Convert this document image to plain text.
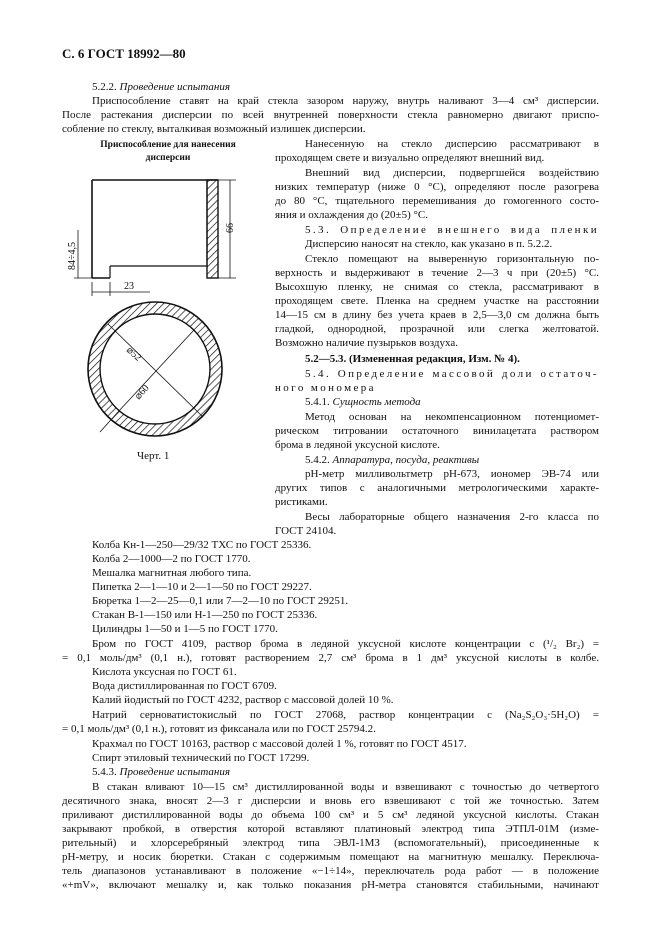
С. 6 ГОСТ 18992—80
Приспособление для нанесения
дисперсии
66
84÷4,5
23
⌀52
⌀60
Черт. 1
5.2.2. Проведение испытания
Приспособление ставят на край стекла зазором наружу, внутрь наливают 3—4 см³ дисперсии.
После растекания дисперсии по всей внутренней поверхности стекла равномерно двигают приспо-
собление по стеклу, выталкивая возможный излишек дисперсии.
Нанесенную на стекло дисперсию рассматривают в
проходящем свете и визуально определяют внешний вид.
Внешний вид дисперсии, подвергшейся воздействию
низких температур (ниже 0 °С), определяют после разогрева
до 80 °С, тщательного перемешивания до гомогенного состо-
яния и охлаждения до (20±5) °С.
5.3. Определение внешнего вида пленки
Дисперсию наносят на стекло, как указано в п. 5.2.2.
Стекло помещают на выверенную горизонтальную по-
верхность и выдерживают в течение 2—3 ч при (20±5) °С.
Высохшую пленку, не снимая со стекла, рассматривают в
проходящем свете. Пленка на среднем участке на расстоянии
14—15 см в длину без учета краев в 2,5—3,0 см должна быть
гладкой, однородной, прозрачной или слегка желтоватой.
Возможно наличие пузырьков воздуха.
5.2—5.3. (Измененная редакция, Изм. № 4).
5.4. Определение массовой доли остаточ-
ного мономера
5.4.1. Сущность метода
Метод основан на некомпенсационном потенциомет-
рическом титровании остаточного винилацетата раствором
брома в ледяной уксусной кислоте.
5.4.2. Аппаратура, посуда, реактивы
pH-метр милливольтметр pH-673, иономер ЭВ-74 или
других типов с аналогичными метрологическими характе-
ристиками.
Весы лабораторные общего назначения 2-го класса по
ГОСТ 24104.
Колба Кн-1—250—29/32 ТХС по ГОСТ 25336.
Колба 2—1000—2 по ГОСТ 1770.
Мешалка магнитная любого типа.
Пипетка 2—1—10 и 2—1—50 по ГОСТ 29227.
Бюретка 1—2—25—0,1 или 7—2—10 по ГОСТ 29251.
Стакан В-1—150 или Н-1—250 по ГОСТ 25336.
Цилиндры 1—50 и 1—5 по ГОСТ 1770.
Бром по ГОСТ 4109, раствор брома в ледяной уксусной кислоте концентрации c (¹/₂ Br₂) =
= 0,1 моль/дм³ (0,1 н.), готовят растворением 2,7 см³ брома в 1 дм³ уксусной кислоты в колбе.
Кислота уксусная по ГОСТ 61.
Вода дистиллированная по ГОСТ 6709.
Калий йодистый по ГОСТ 4232, раствор с массовой долей 10 %.
Натрий серноватистокислый по ГОСТ 27068, раствор концентрации c (Na₂S₂O₃·5H₂O) =
= 0,1 моль/дм³ (0,1 н.), готовят из фиксанала или по ГОСТ 25794.2.
Крахмал по ГОСТ 10163, раствор с массовой долей 1 %, готовят по ГОСТ 4517.
Спирт этиловый технический по ГОСТ 17299.
5.4.3. Проведение испытания
В стакан вливают 10—15 см³ дистиллированной воды и взвешивают с точностью до четвертого
десятичного знака, вносят 2—3 г дисперсии и вновь его взвешивают с той же точностью. Затем
приливают дистиллированной воды до объема 100 см³ и 5 см³ ледяной уксусной кислоты. Стакан
закрывают пробкой, в отверстия которой вставляют платиновый электрод типа ЭТПЛ-01М (изме-
рительный) и хлорсеребряный электрод типа ЭВЛ-1МЗ (вспомогательный), присоединенные к
pH-метру, и носик бюретки. Стакан с содержимым помещают на магнитную мешалку. Переключа-
тель диапазонов устанавливают в положение «−1÷14», переключатель рода работ — в положение
«+mV», включают мешалку и, как только показания pH-метра становятся стабильными, начинают
